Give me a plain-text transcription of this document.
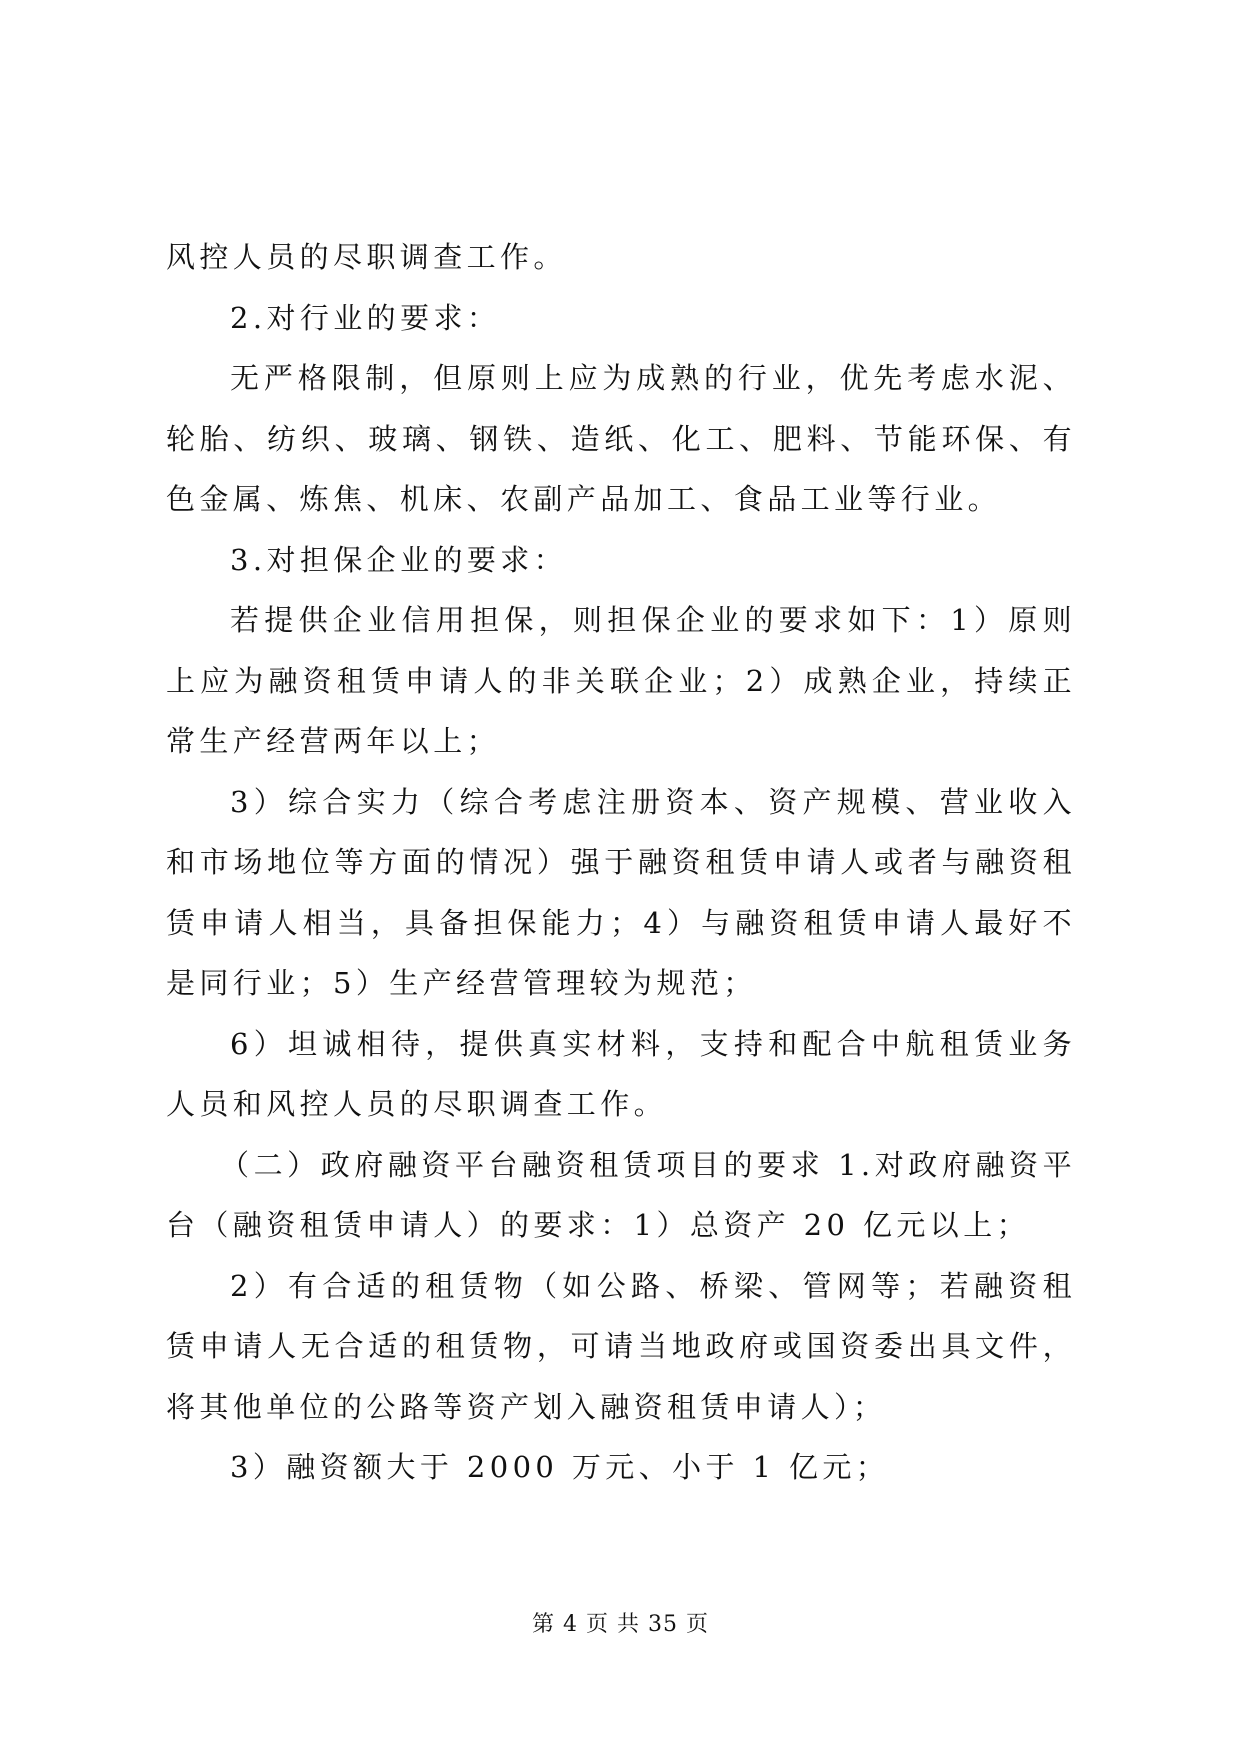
风控人员的尽职调查工作。

2.对行业的要求：

无严格限制，但原则上应为成熟的行业，优先考虑水泥、轮胎、纺织、玻璃、钢铁、造纸、化工、肥料、节能环保、有色金属、炼焦、机床、农副产品加工、食品工业等行业。

3.对担保企业的要求：

若提供企业信用担保，则担保企业的要求如下：1）原则上应为融资租赁申请人的非关联企业；2）成熟企业，持续正常生产经营两年以上；

3）综合实力（综合考虑注册资本、资产规模、营业收入和市场地位等方面的情况）强于融资租赁申请人或者与融资租赁申请人相当，具备担保能力；4）与融资租赁申请人最好不是同行业；5）生产经营管理较为规范；

6）坦诚相待，提供真实材料，支持和配合中航租赁业务人员和风控人员的尽职调查工作。

（二）政府融资平台融资租赁项目的要求 1.对政府融资平台（融资租赁申请人）的要求：1）总资产 20 亿元以上；

2）有合适的租赁物（如公路、桥梁、管网等；若融资租赁申请人无合适的租赁物，可请当地政府或国资委出具文件，将其他单位的公路等资产划入融资租赁申请人）；

3）融资额大于 2000 万元、小于 1 亿元；

第 4 页 共 35 页
